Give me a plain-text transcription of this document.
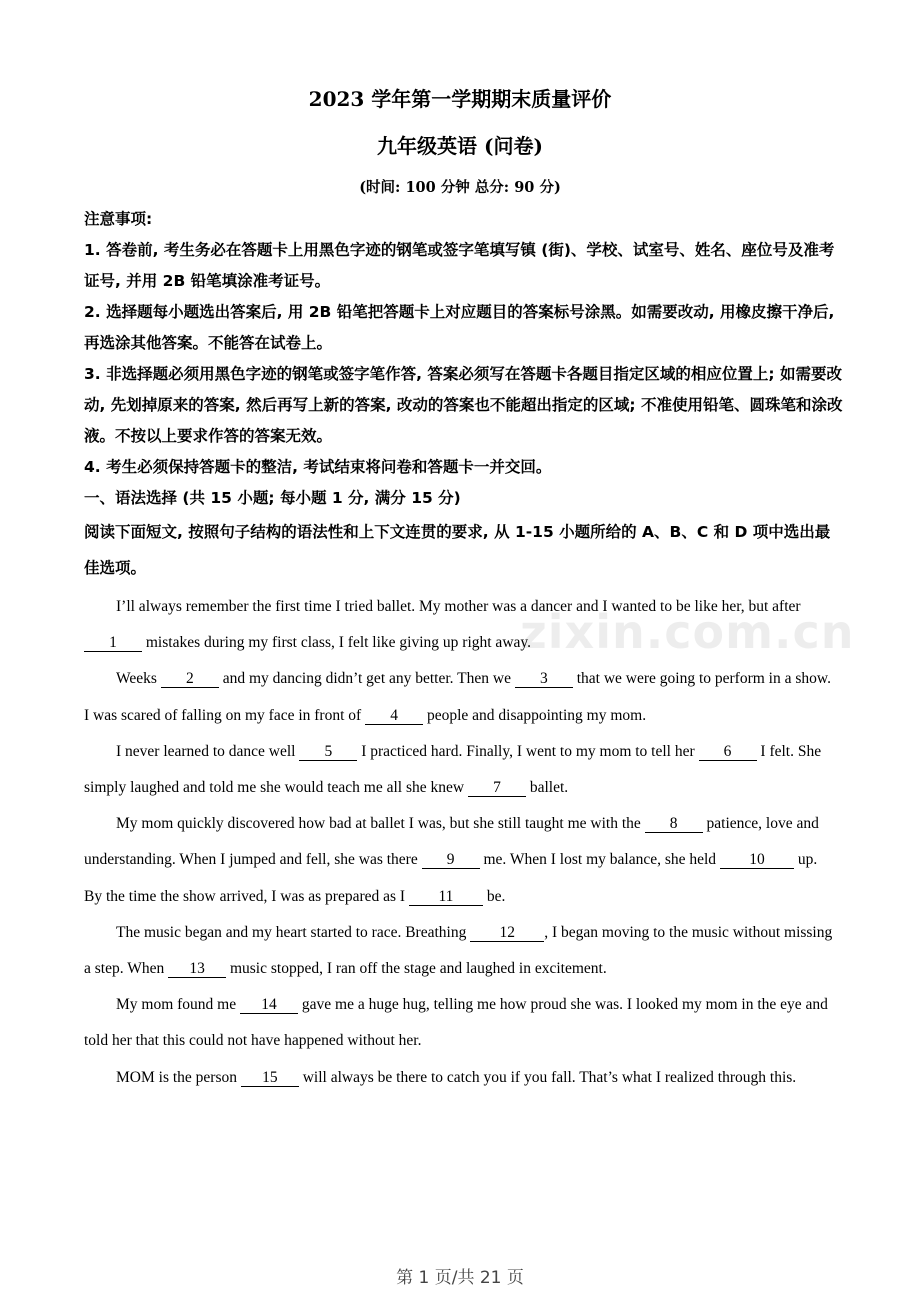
2023 学年第一学期期末质量评价
九年级英语 (问卷)
(时间: 100 分钟 总分: 90 分)

注意事项:

1. 答卷前, 考生务必在答题卡上用黑色字迹的钢笔或签字笔填写镇 (街)、学校、试室号、姓名、座位号及准考证号, 并用 2B 铅笔填涂准考证号。

2. 选择题每小题选出答案后, 用 2B 铅笔把答题卡上对应题目的答案标号涂黑。如需要改动, 用橡皮擦干净后, 再选涂其他答案。不能答在试卷上。

3. 非选择题必须用黑色字迹的钢笔或签字笔作答, 答案必须写在答题卡各题目指定区域的相应位置上; 如需要改动, 先划掉原来的答案, 然后再写上新的答案, 改动的答案也不能超出指定的区域; 不准使用铅笔、圆珠笔和涂改液。不按以上要求作答的答案无效。

4. 考生必须保持答题卡的整洁, 考试结束将问卷和答题卡一并交回。

一、语法选择 (共 15 小题; 每小题 1 分, 满分 15 分)

阅读下面短文, 按照句子结构的语法性和上下文连贯的要求, 从 1-15 小题所给的 A、B、C 和 D 项中选出最佳选项。

zixin.com.cn

I’ll always remember the first time I tried ballet. My mother was a dancer and I wanted to be like her, but after 1 mistakes during my first class, I felt like giving up right away.

Weeks 2 and my dancing didn’t get any better. Then we 3 that we were going to perform in a show. I was scared of falling on my face in front of 4 people and disappointing my mom.

I never learned to dance well 5 I practiced hard. Finally, I went to my mom to tell her 6 I felt. She simply laughed and told me she would teach me all she knew 7 ballet.

My mom quickly discovered how bad at ballet I was, but she still taught me with the 8 patience, love and understanding. When I jumped and fell, she was there 9 me. When I lost my balance, she held 10 up. By the time the show arrived, I was as prepared as I 11 be.

The music began and my heart started to race. Breathing 12 , I began moving to the music without missing a step. When 13 music stopped, I ran off the stage and laughed in excitement.

My mom found me 14 gave me a huge hug, telling me how proud she was. I looked my mom in the eye and told her that this could not have happened without her.

MOM is the person 15 will always be there to catch you if you fall. That’s what I realized through this.

第 1 页/共 21 页
